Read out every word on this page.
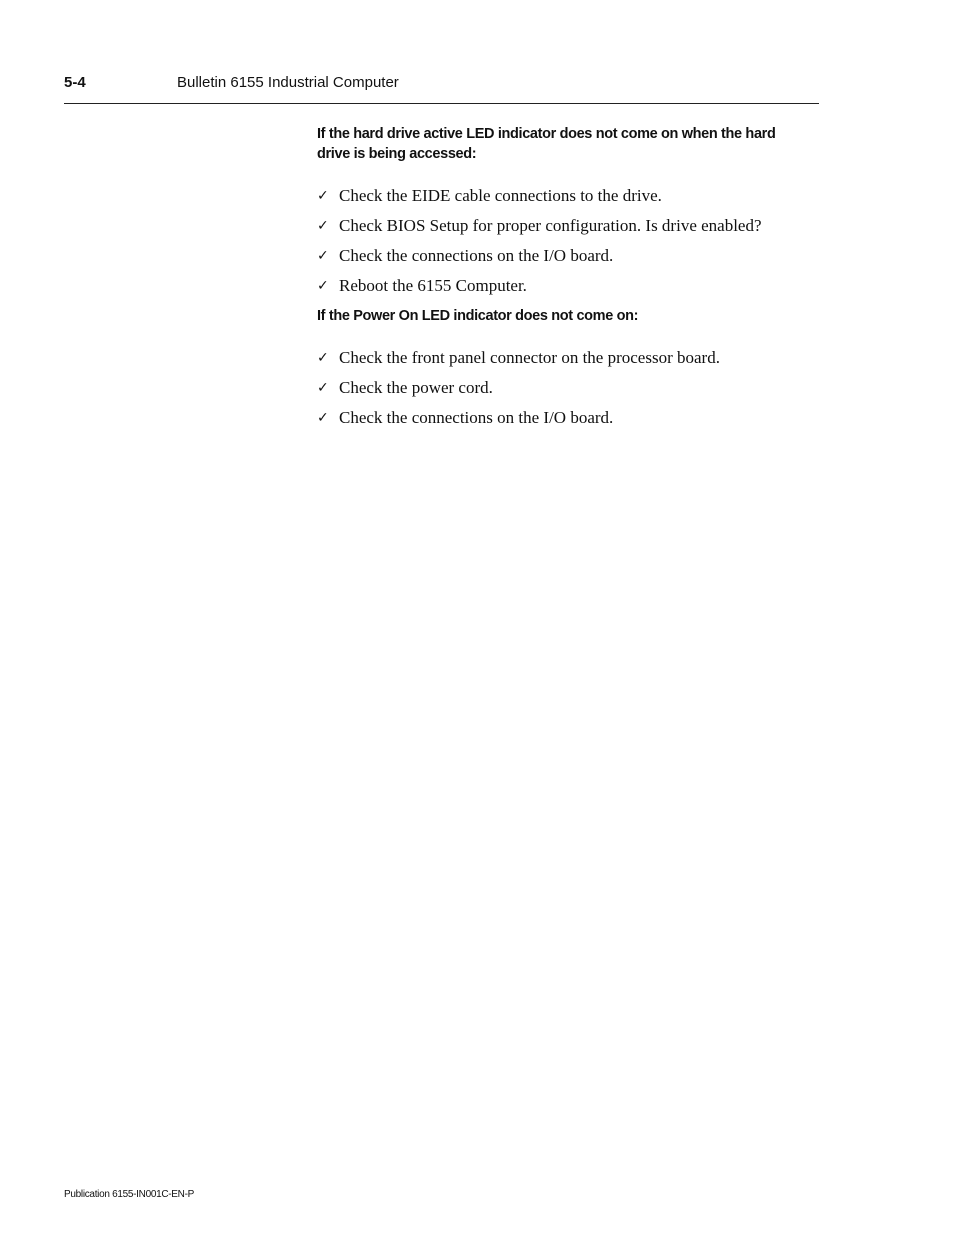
5-4	Bulletin 6155 Industrial Computer
If the hard drive active LED indicator does not come on when the hard drive is being accessed:
✓ Check the EIDE cable connections to the drive.
✓ Check BIOS Setup for proper configuration. Is drive enabled?
✓ Check the connections on the I/O board.
✓ Reboot the 6155 Computer.
If the Power On LED indicator does not come on:
✓ Check the front panel connector on the processor board.
✓ Check the power cord.
✓ Check the connections on the I/O board.
Publication 6155-IN001C-EN-P
